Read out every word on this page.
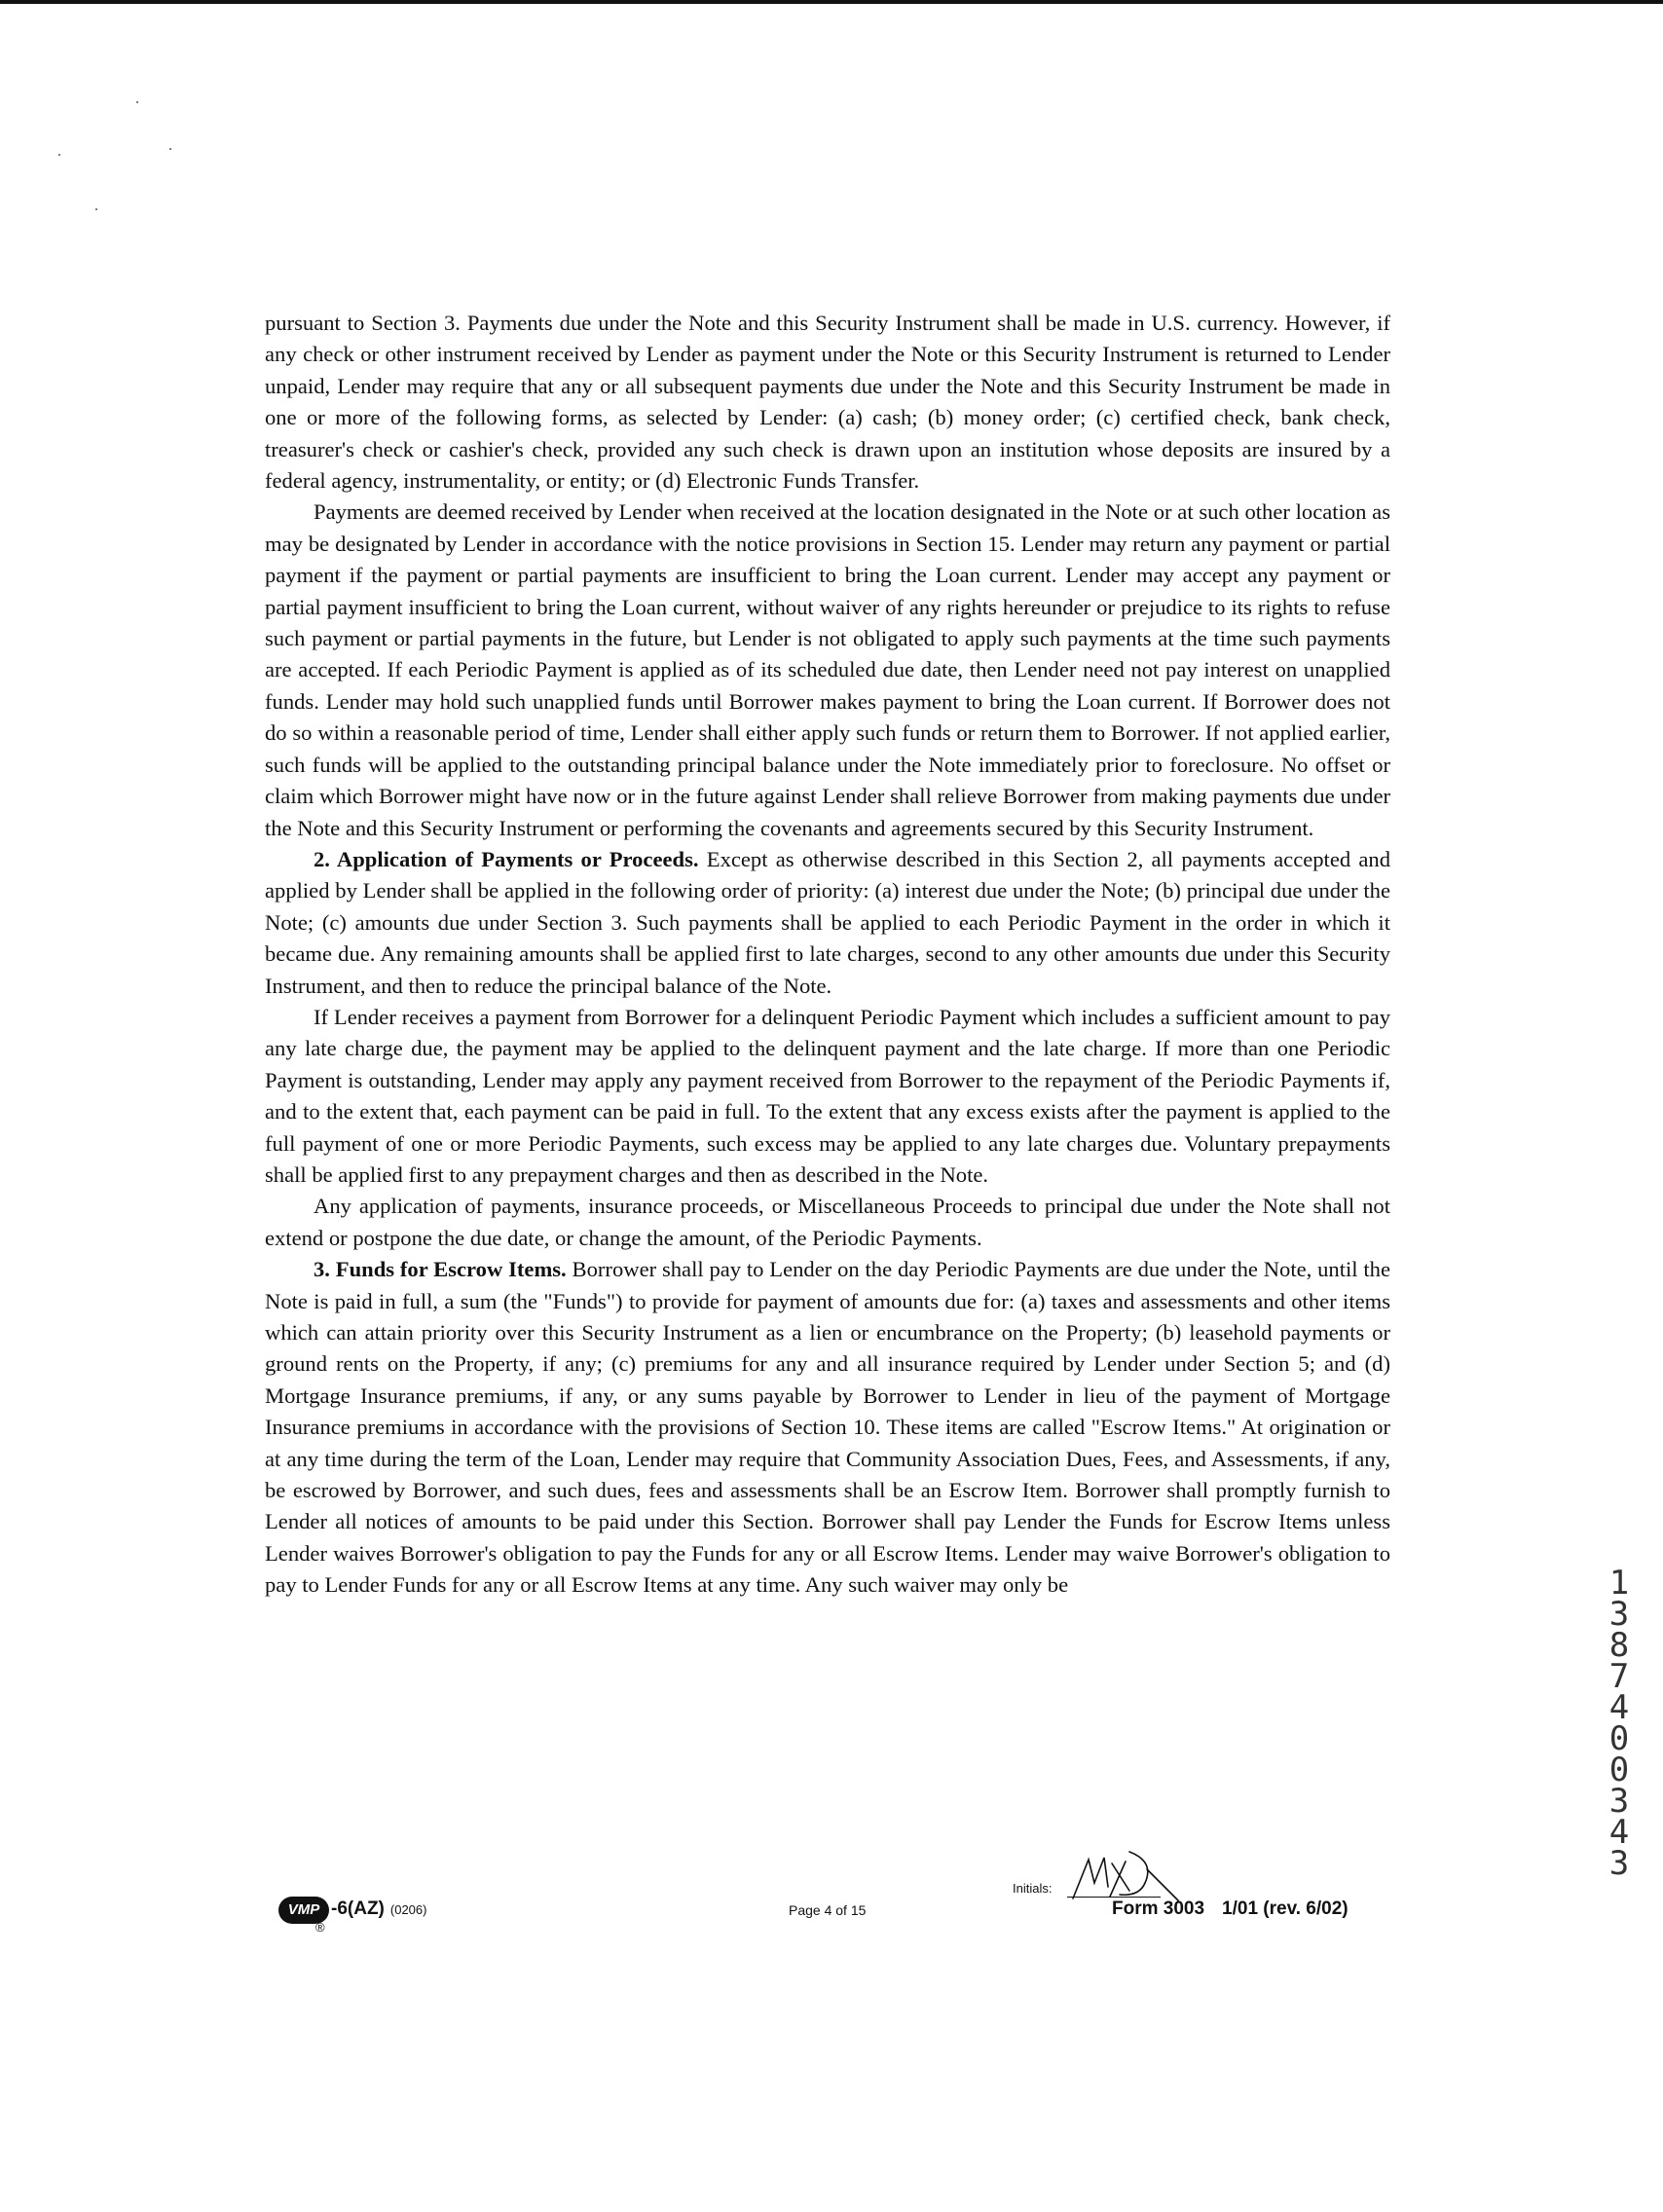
pursuant to Section 3. Payments due under the Note and this Security Instrument shall be made in U.S. currency. However, if any check or other instrument received by Lender as payment under the Note or this Security Instrument is returned to Lender unpaid, Lender may require that any or all subsequent payments due under the Note and this Security Instrument be made in one or more of the following forms, as selected by Lender: (a) cash; (b) money order; (c) certified check, bank check, treasurer's check or cashier's check, provided any such check is drawn upon an institution whose deposits are insured by a federal agency, instrumentality, or entity; or (d) Electronic Funds Transfer.

Payments are deemed received by Lender when received at the location designated in the Note or at such other location as may be designated by Lender in accordance with the notice provisions in Section 15. Lender may return any payment or partial payment if the payment or partial payments are insufficient to bring the Loan current. Lender may accept any payment or partial payment insufficient to bring the Loan current, without waiver of any rights hereunder or prejudice to its rights to refuse such payment or partial payments in the future, but Lender is not obligated to apply such payments at the time such payments are accepted. If each Periodic Payment is applied as of its scheduled due date, then Lender need not pay interest on unapplied funds. Lender may hold such unapplied funds until Borrower makes payment to bring the Loan current. If Borrower does not do so within a reasonable period of time, Lender shall either apply such funds or return them to Borrower. If not applied earlier, such funds will be applied to the outstanding principal balance under the Note immediately prior to foreclosure. No offset or claim which Borrower might have now or in the future against Lender shall relieve Borrower from making payments due under the Note and this Security Instrument or performing the covenants and agreements secured by this Security Instrument.

2. Application of Payments or Proceeds. Except as otherwise described in this Section 2, all payments accepted and applied by Lender shall be applied in the following order of priority: (a) interest due under the Note; (b) principal due under the Note; (c) amounts due under Section 3. Such payments shall be applied to each Periodic Payment in the order in which it became due. Any remaining amounts shall be applied first to late charges, second to any other amounts due under this Security Instrument, and then to reduce the principal balance of the Note.

If Lender receives a payment from Borrower for a delinquent Periodic Payment which includes a sufficient amount to pay any late charge due, the payment may be applied to the delinquent payment and the late charge. If more than one Periodic Payment is outstanding, Lender may apply any payment received from Borrower to the repayment of the Periodic Payments if, and to the extent that, each payment can be paid in full. To the extent that any excess exists after the payment is applied to the full payment of one or more Periodic Payments, such excess may be applied to any late charges due. Voluntary prepayments shall be applied first to any prepayment charges and then as described in the Note.

Any application of payments, insurance proceeds, or Miscellaneous Proceeds to principal due under the Note shall not extend or postpone the due date, or change the amount, of the Periodic Payments.

3. Funds for Escrow Items. Borrower shall pay to Lender on the day Periodic Payments are due under the Note, until the Note is paid in full, a sum (the "Funds") to provide for payment of amounts due for: (a) taxes and assessments and other items which can attain priority over this Security Instrument as a lien or encumbrance on the Property; (b) leasehold payments or ground rents on the Property, if any; (c) premiums for any and all insurance required by Lender under Section 5; and (d) Mortgage Insurance premiums, if any, or any sums payable by Borrower to Lender in lieu of the payment of Mortgage Insurance premiums in accordance with the provisions of Section 10. These items are called "Escrow Items." At origination or at any time during the term of the Loan, Lender may require that Community Association Dues, Fees, and Assessments, if any, be escrowed by Borrower, and such dues, fees and assessments shall be an Escrow Item. Borrower shall promptly furnish to Lender all notices of amounts to be paid under this Section. Borrower shall pay Lender the Funds for Escrow Items unless Lender waives Borrower's obligation to pay the Funds for any or all Escrow Items. Lender may waive Borrower's obligation to pay to Lender Funds for any or all Escrow Items at any time. Any such waiver may only be	1387400343
VMP
®
-6(AZ) (0206)	Page 4 of 15
Initials:
Form 3003 1/01 (rev. 6/02)
